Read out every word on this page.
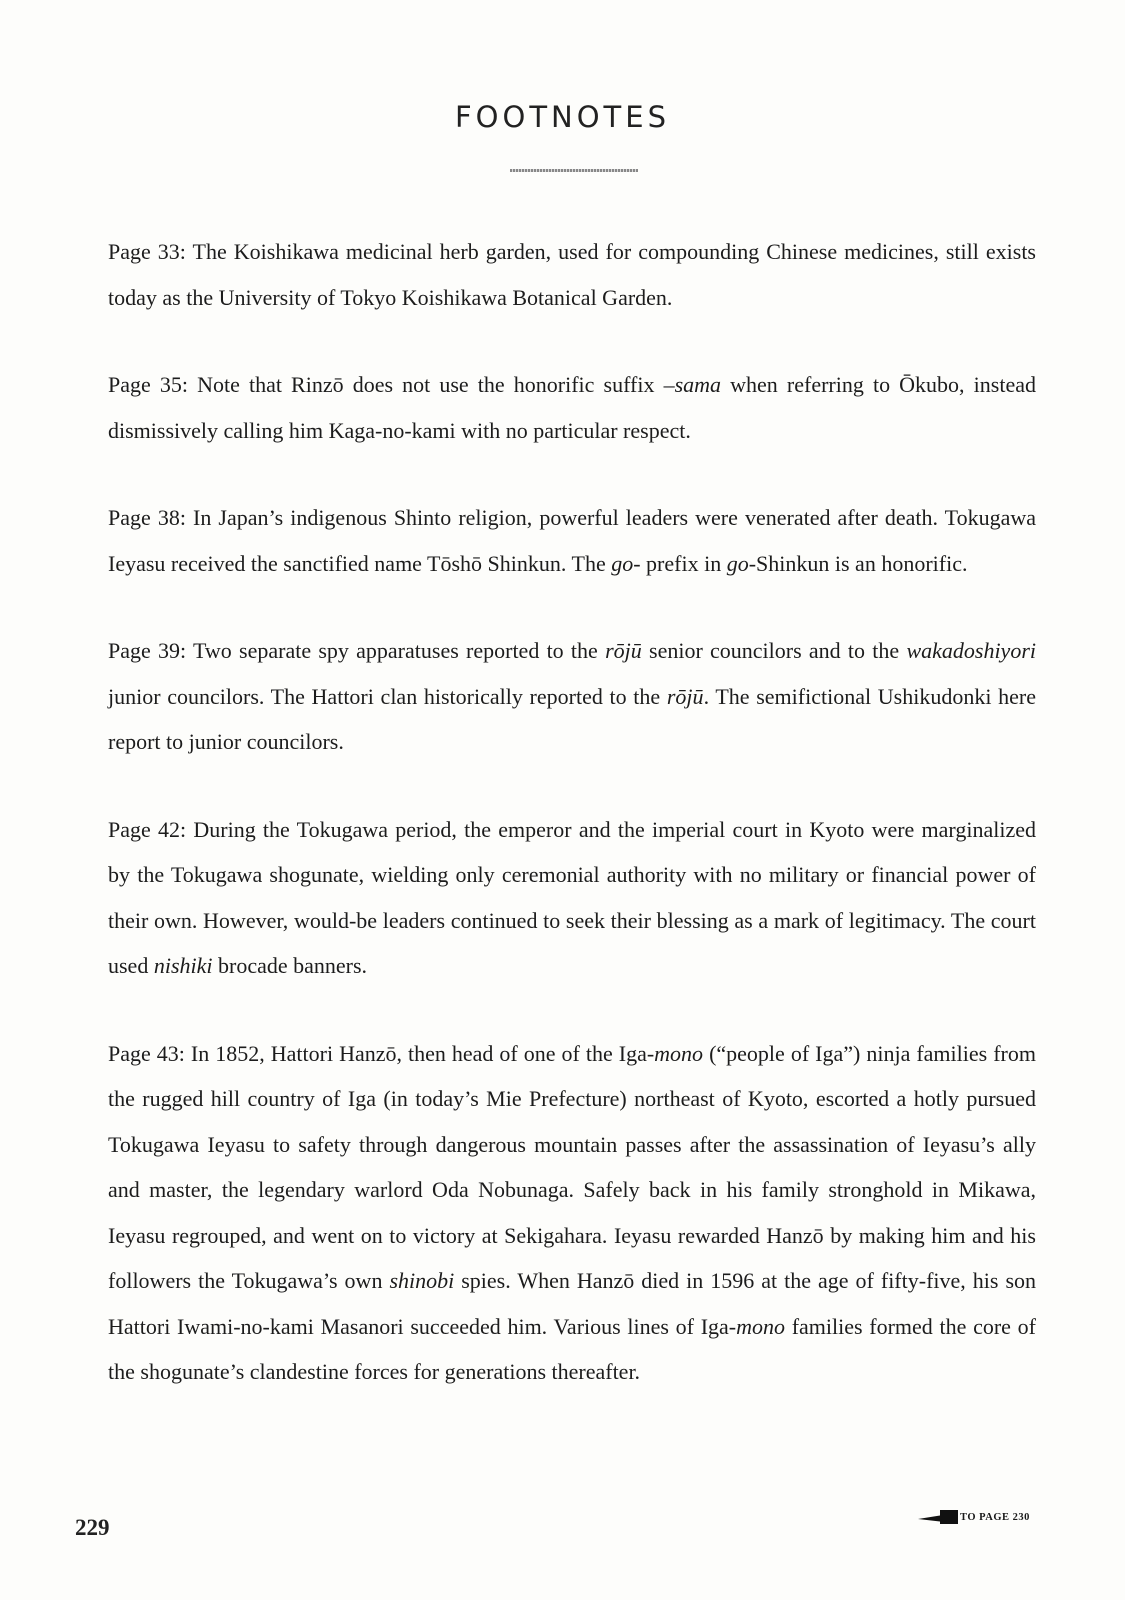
FOOTNOTES

Page 33: The Koishikawa medicinal herb garden, used for compounding Chinese medicines, still exists today as the University of Tokyo Koishikawa Botanical Garden.

Page 35: Note that Rinzō does not use the honorific suffix –sama when referring to Ōkubo, instead dismissively calling him Kaga-no-kami with no particular respect.

Page 38: In Japan’s indigenous Shinto religion, powerful leaders were venerated after death. Tokugawa Ieyasu received the sanctified name Tōshō Shinkun. The go- prefix in go-Shinkun is an honorific.

Page 39: Two separate spy apparatuses reported to the rōjū senior councilors and to the wakadoshiyori junior councilors. The Hattori clan historically reported to the rōjū. The semifictional Ushikudonki here report to junior councilors.

Page 42: During the Tokugawa period, the emperor and the imperial court in Kyoto were marginalized by the Tokugawa shogunate, wielding only ceremonial authority with no military or financial power of their own. However, would-be leaders continued to seek their blessing as a mark of legitimacy. The court used nishiki brocade banners.

Page 43: In 1852, Hattori Hanzō, then head of one of the Iga-mono (“people of Iga”) ninja families from the rugged hill country of Iga (in today’s Mie Prefecture) northeast of Kyoto, escorted a hotly pursued Tokugawa Ieyasu to safety through dangerous mountain passes after the assassination of Ieyasu’s ally and master, the legendary warlord Oda Nobunaga. Safely back in his family stronghold in Mikawa, Ieyasu regrouped, and went on to victory at Sekigahara. Ieyasu rewarded Hanzō by making him and his followers the Tokugawa’s own shinobi spies. When Hanzō died in 1596 at the age of fifty-five, his son Hattori Iwami-no-kami Masanori succeeded him. Various lines of Iga-mono families formed the core of the shogunate’s clandestine forces for generations thereafter.

229	TO PAGE 230
